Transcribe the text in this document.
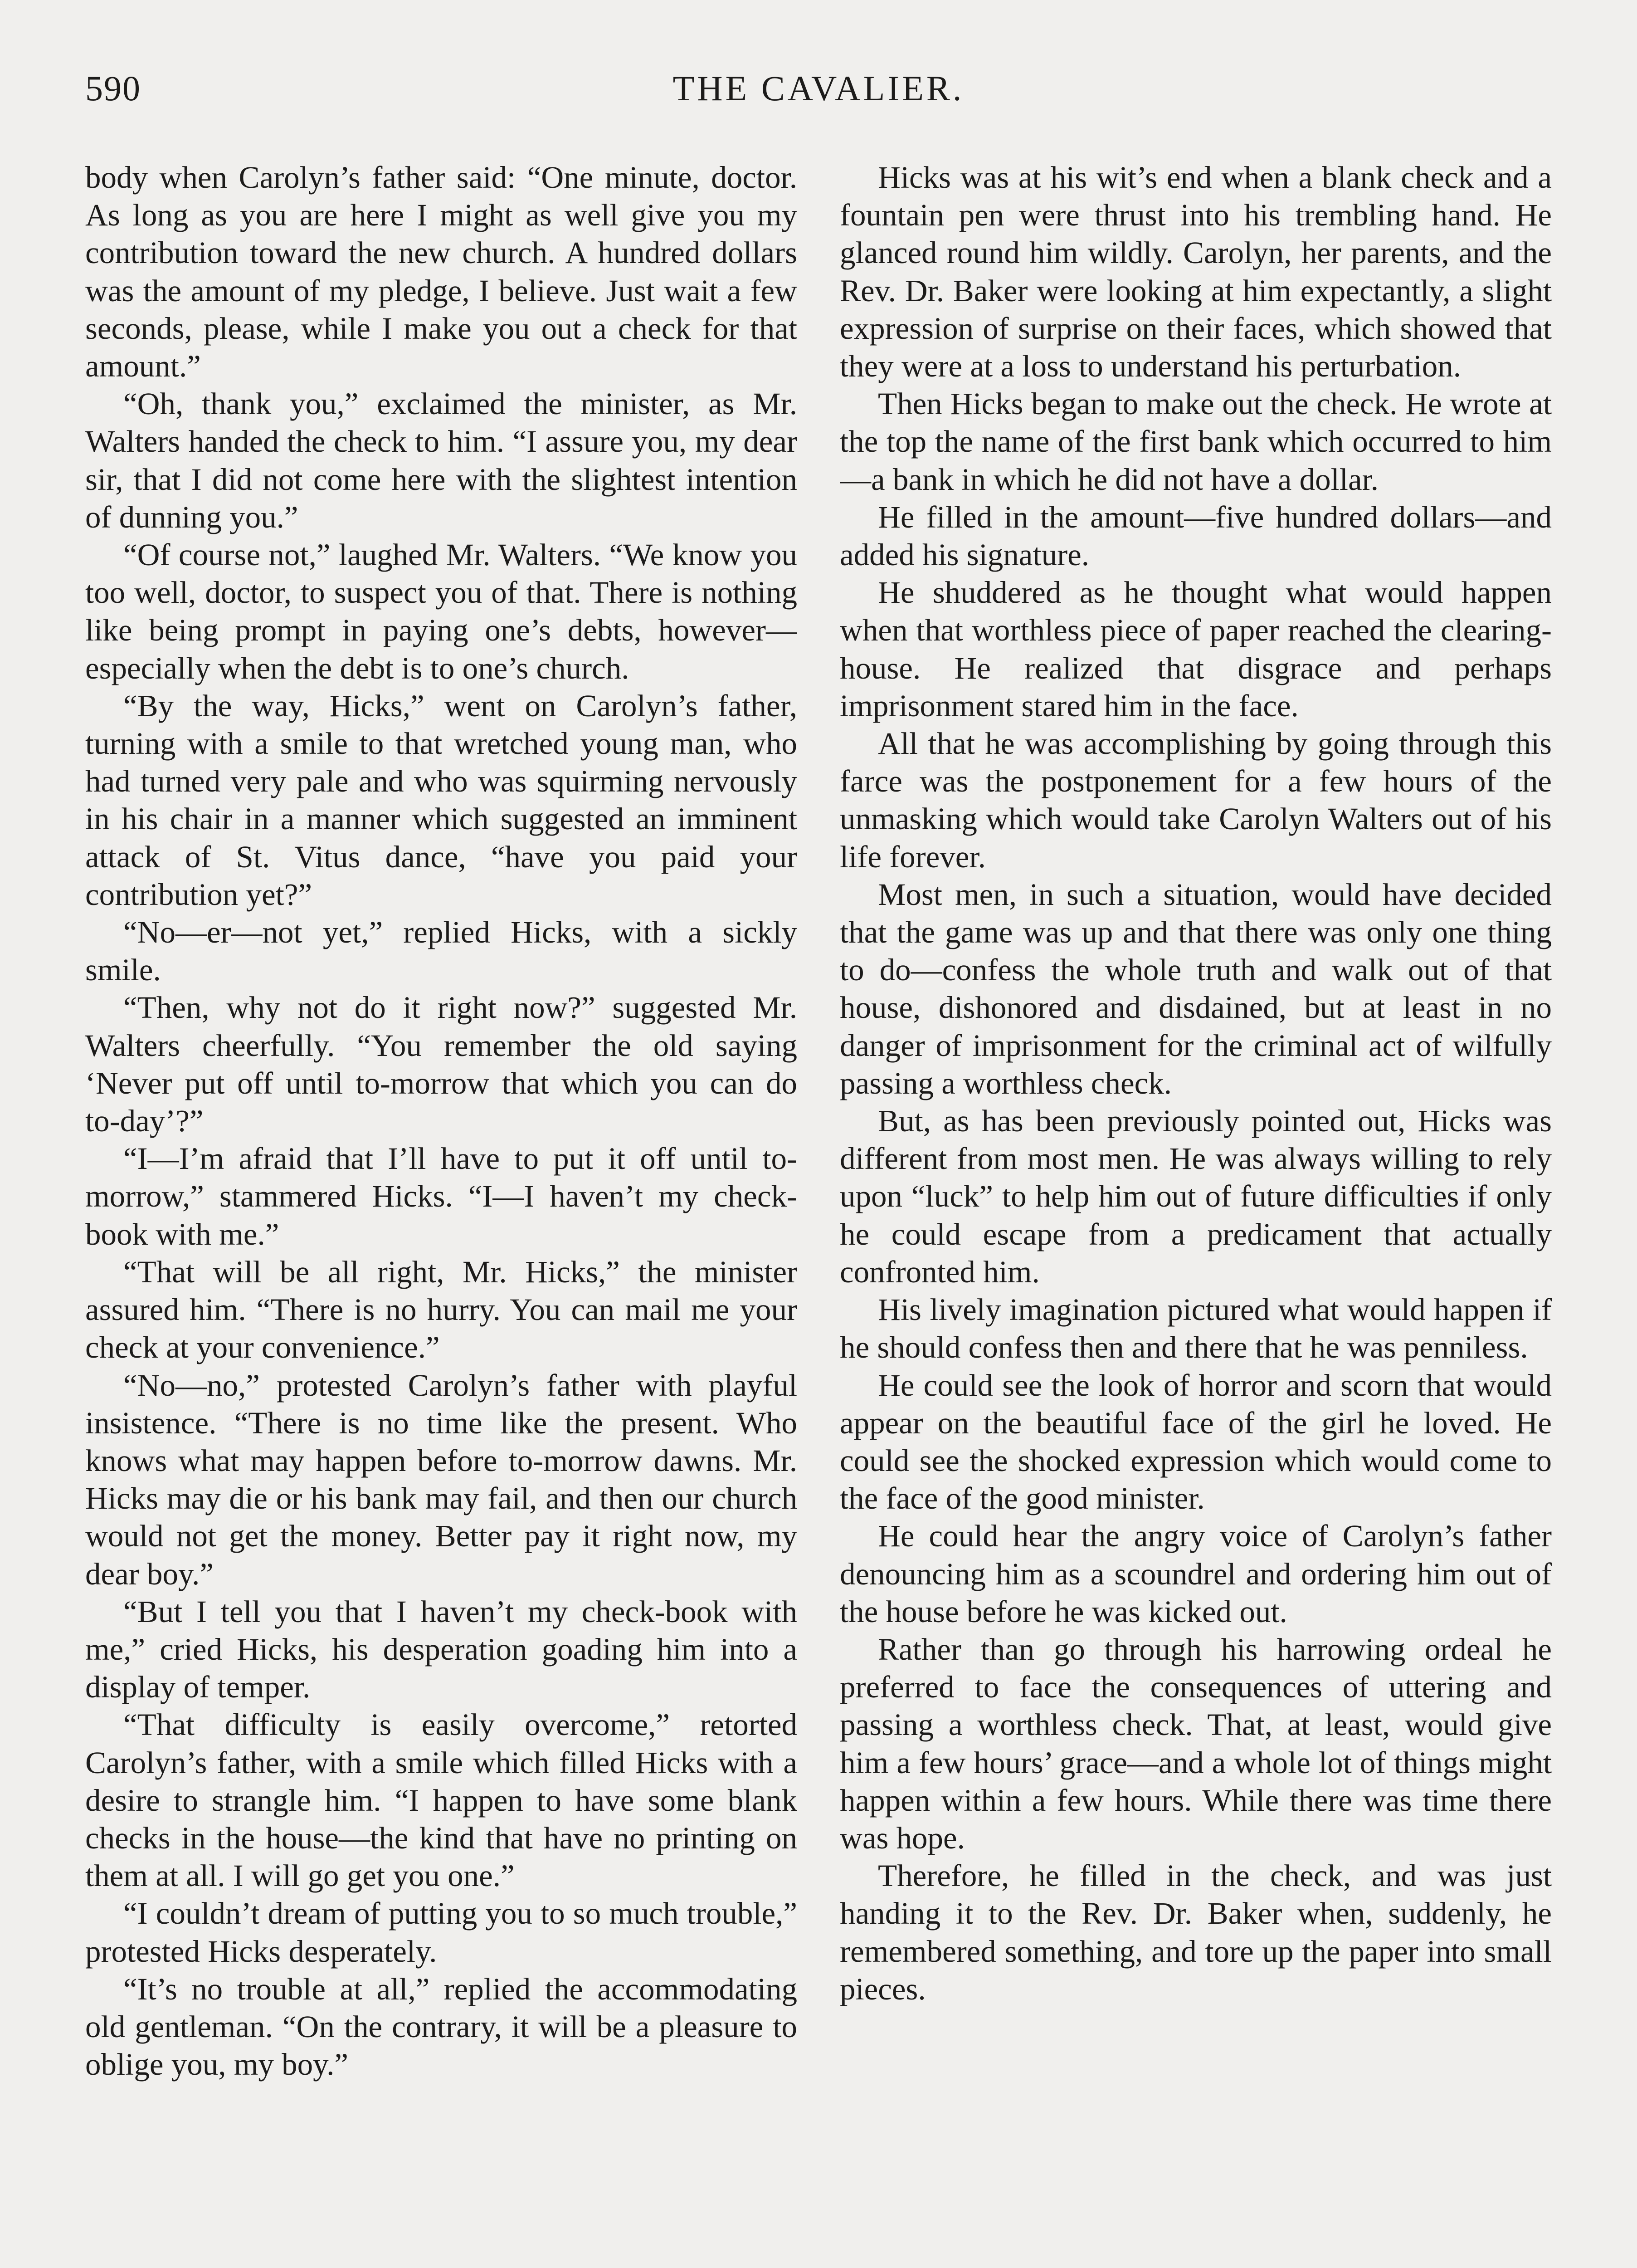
590	THE CAVALIER.

body when Carolyn’s father said: “One minute, doctor. As long as you are here I might as well give you my contribution toward the new church. A hundred dollars was the amount of my pledge, I believe. Just wait a few seconds, please, while I make you out a check for that amount.”

“Oh, thank you,” exclaimed the minister, as Mr. Walters handed the check to him. “I assure you, my dear sir, that I did not come here with the slightest intention of dunning you.”

“Of course not,” laughed Mr. Walters. “We know you too well, doctor, to suspect you of that. There is nothing like being prompt in paying one’s debts, however—especially when the debt is to one’s church.

“By the way, Hicks,” went on Carolyn’s father, turning with a smile to that wretched young man, who had turned very pale and who was squirming nervously in his chair in a manner which suggested an imminent attack of St. Vitus dance, “have you paid your contribution yet?”

“No—er—not yet,” replied Hicks, with a sickly smile.

“Then, why not do it right now?” suggested Mr. Walters cheerfully. “You remember the old saying ‘Never put off until to-morrow that which you can do to-day’?”

“I—I’m afraid that I’ll have to put it off until to-morrow,” stammered Hicks. “I—I haven’t my check-book with me.”

“That will be all right, Mr. Hicks,” the minister assured him. “There is no hurry. You can mail me your check at your convenience.”

“No—no,” protested Carolyn’s father with playful insistence. “There is no time like the present. Who knows what may happen before to-morrow dawns. Mr. Hicks may die or his bank may fail, and then our church would not get the money. Better pay it right now, my dear boy.”

“But I tell you that I haven’t my check-book with me,” cried Hicks, his desperation goading him into a display of temper.

“That difficulty is easily overcome,” retorted Carolyn’s father, with a smile which filled Hicks with a desire to strangle him. “I happen to have some blank checks in the house—the kind that have no printing on them at all. I will go get you one.”

“I couldn’t dream of putting you to so much trouble,” protested Hicks desperately.

“It’s no trouble at all,” replied the accommodating old gentleman. “On the contrary, it will be a pleasure to oblige you, my boy.”

Hicks was at his wit’s end when a blank check and a fountain pen were thrust into his trembling hand. He glanced round him wildly. Carolyn, her parents, and the Rev. Dr. Baker were looking at him expectantly, a slight expression of surprise on their faces, which showed that they were at a loss to understand his perturbation.

Then Hicks began to make out the check. He wrote at the top the name of the first bank which occurred to him—a bank in which he did not have a dollar.

He filled in the amount—five hundred dollars—and added his signature.

He shuddered as he thought what would happen when that worthless piece of paper reached the clearing-house. He realized that disgrace and perhaps imprisonment stared him in the face.

All that he was accomplishing by going through this farce was the postponement for a few hours of the unmasking which would take Carolyn Walters out of his life forever.

Most men, in such a situation, would have decided that the game was up and that there was only one thing to do—confess the whole truth and walk out of that house, dishonored and disdained, but at least in no danger of imprisonment for the criminal act of wilfully passing a worthless check.

But, as has been previously pointed out, Hicks was different from most men. He was always willing to rely upon “luck” to help him out of future difficulties if only he could escape from a predicament that actually confronted him.

His lively imagination pictured what would happen if he should confess then and there that he was penniless.

He could see the look of horror and scorn that would appear on the beautiful face of the girl he loved. He could see the shocked expression which would come to the face of the good minister.

He could hear the angry voice of Carolyn’s father denouncing him as a scoundrel and ordering him out of the house before he was kicked out.

Rather than go through his harrowing ordeal he preferred to face the consequences of uttering and passing a worthless check. That, at least, would give him a few hours’ grace—and a whole lot of things might happen within a few hours. While there was time there was hope.

Therefore, he filled in the check, and was just handing it to the Rev. Dr. Baker when, suddenly, he remembered something, and tore up the paper into small pieces.
